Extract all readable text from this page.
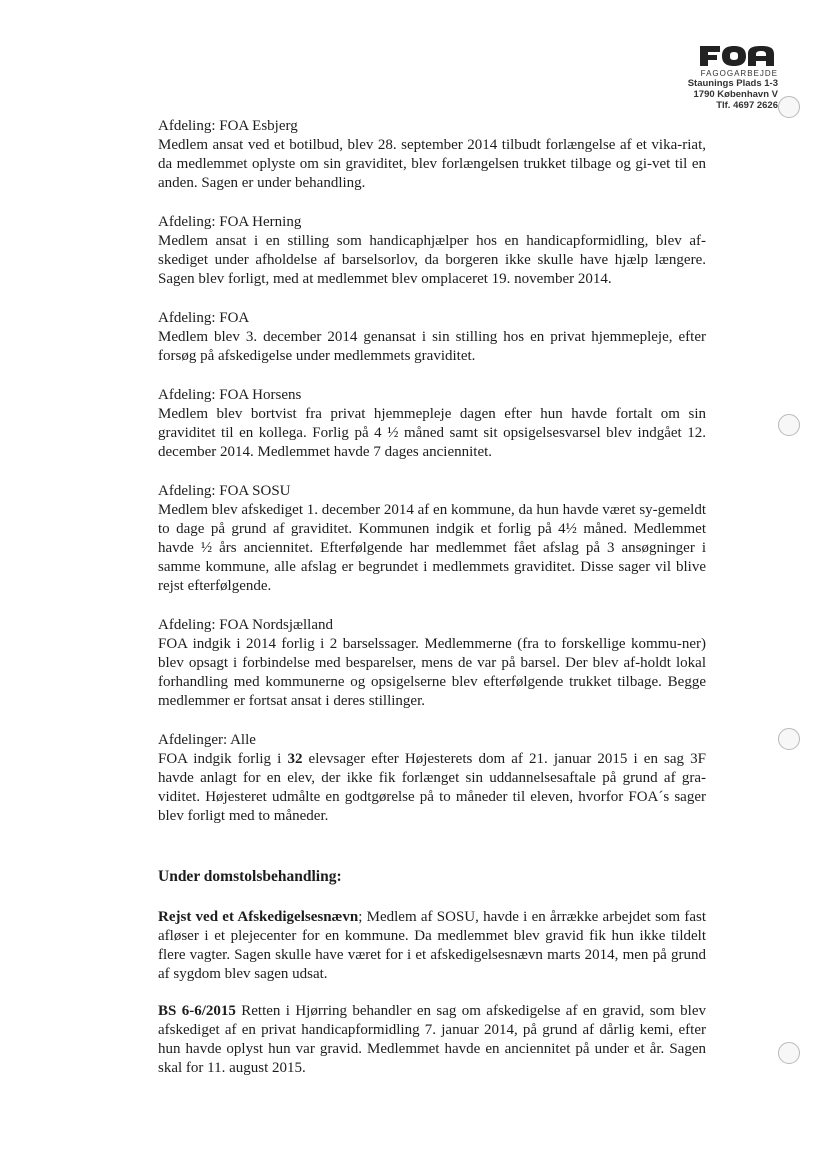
FAGOGARBEJDE
Staunings Plads 1-3
1790 København V
Tlf. 4697 2626
Afdeling: FOA Esbjerg
Medlem ansat ved et botilbud, blev 28. september 2014 tilbudt forlængelse af et vika-riat, da medlemmet oplyste om sin graviditet, blev forlængelsen trukket tilbage og gi-vet til en anden. Sagen er under behandling.
Afdeling: FOA Herning
Medlem ansat i en stilling som handicaphjælper hos en handicapformidling, blev af-skediget under afholdelse af barselsorlov, da borgeren ikke skulle have hjælp længere. Sagen blev forligt, med at medlemmet blev omplaceret 19. november 2014.
Afdeling: FOA
Medlem blev 3. december 2014 genansat i sin stilling hos en privat hjemmepleje, efter forsøg på afskedigelse under medlemmets graviditet.
Afdeling: FOA Horsens
Medlem blev bortvist fra privat hjemmepleje dagen efter hun havde fortalt om sin graviditet til en kollega. Forlig på 4 ½ måned samt sit opsigelsesvarsel blev indgået 12. december 2014. Medlemmet havde 7 dages anciennitet.
Afdeling: FOA SOSU
Medlem blev afskediget 1. december 2014 af en kommune, da hun havde været sy-gemeldt to dage på grund af graviditet. Kommunen indgik et forlig på 4½ måned. Medlemmet havde ½ års anciennitet. Efterfølgende har medlemmet fået afslag på 3 ansøgninger i samme kommune, alle afslag er begrundet i medlemmets graviditet. Disse sager vil blive rejst efterfølgende.
Afdeling: FOA Nordsjælland
FOA indgik i 2014 forlig i 2 barselssager. Medlemmerne (fra to forskellige kommu-ner) blev opsagt i forbindelse med besparelser, mens de var på barsel. Der blev af-holdt lokal forhandling med kommunerne og opsigelserne blev efterfølgende trukket tilbage. Begge medlemmer er fortsat ansat i deres stillinger.
Afdelinger: Alle
FOA indgik forlig i 32 elevsager efter Højesterets dom af 21. januar 2015 i en sag 3F havde anlagt for en elev, der ikke fik forlænget sin uddannelsesaftale på grund af gra-viditet. Højesteret udmålte en godtgørelse på to måneder til eleven, hvorfor FOA´s sager blev forligt med to måneder.
Under domstolsbehandling:
Rejst ved et Afskedigelsesnævn; Medlem af SOSU, havde i en årrække arbejdet som fast afløser i et plejecenter for en kommune. Da medlemmet blev gravid fik hun ikke tildelt flere vagter. Sagen skulle have været for i et afskedigelsesnævn marts 2014, men på grund af sygdom blev sagen udsat.
BS 6-6/2015 Retten i Hjørring behandler en sag om afskedigelse af en gravid, som blev afskediget af en privat handicapformidling 7. januar 2014, på grund af dårlig kemi, efter hun havde oplyst hun var gravid. Medlemmet havde en anciennitet på under et år. Sagen skal for 11. august 2015.
